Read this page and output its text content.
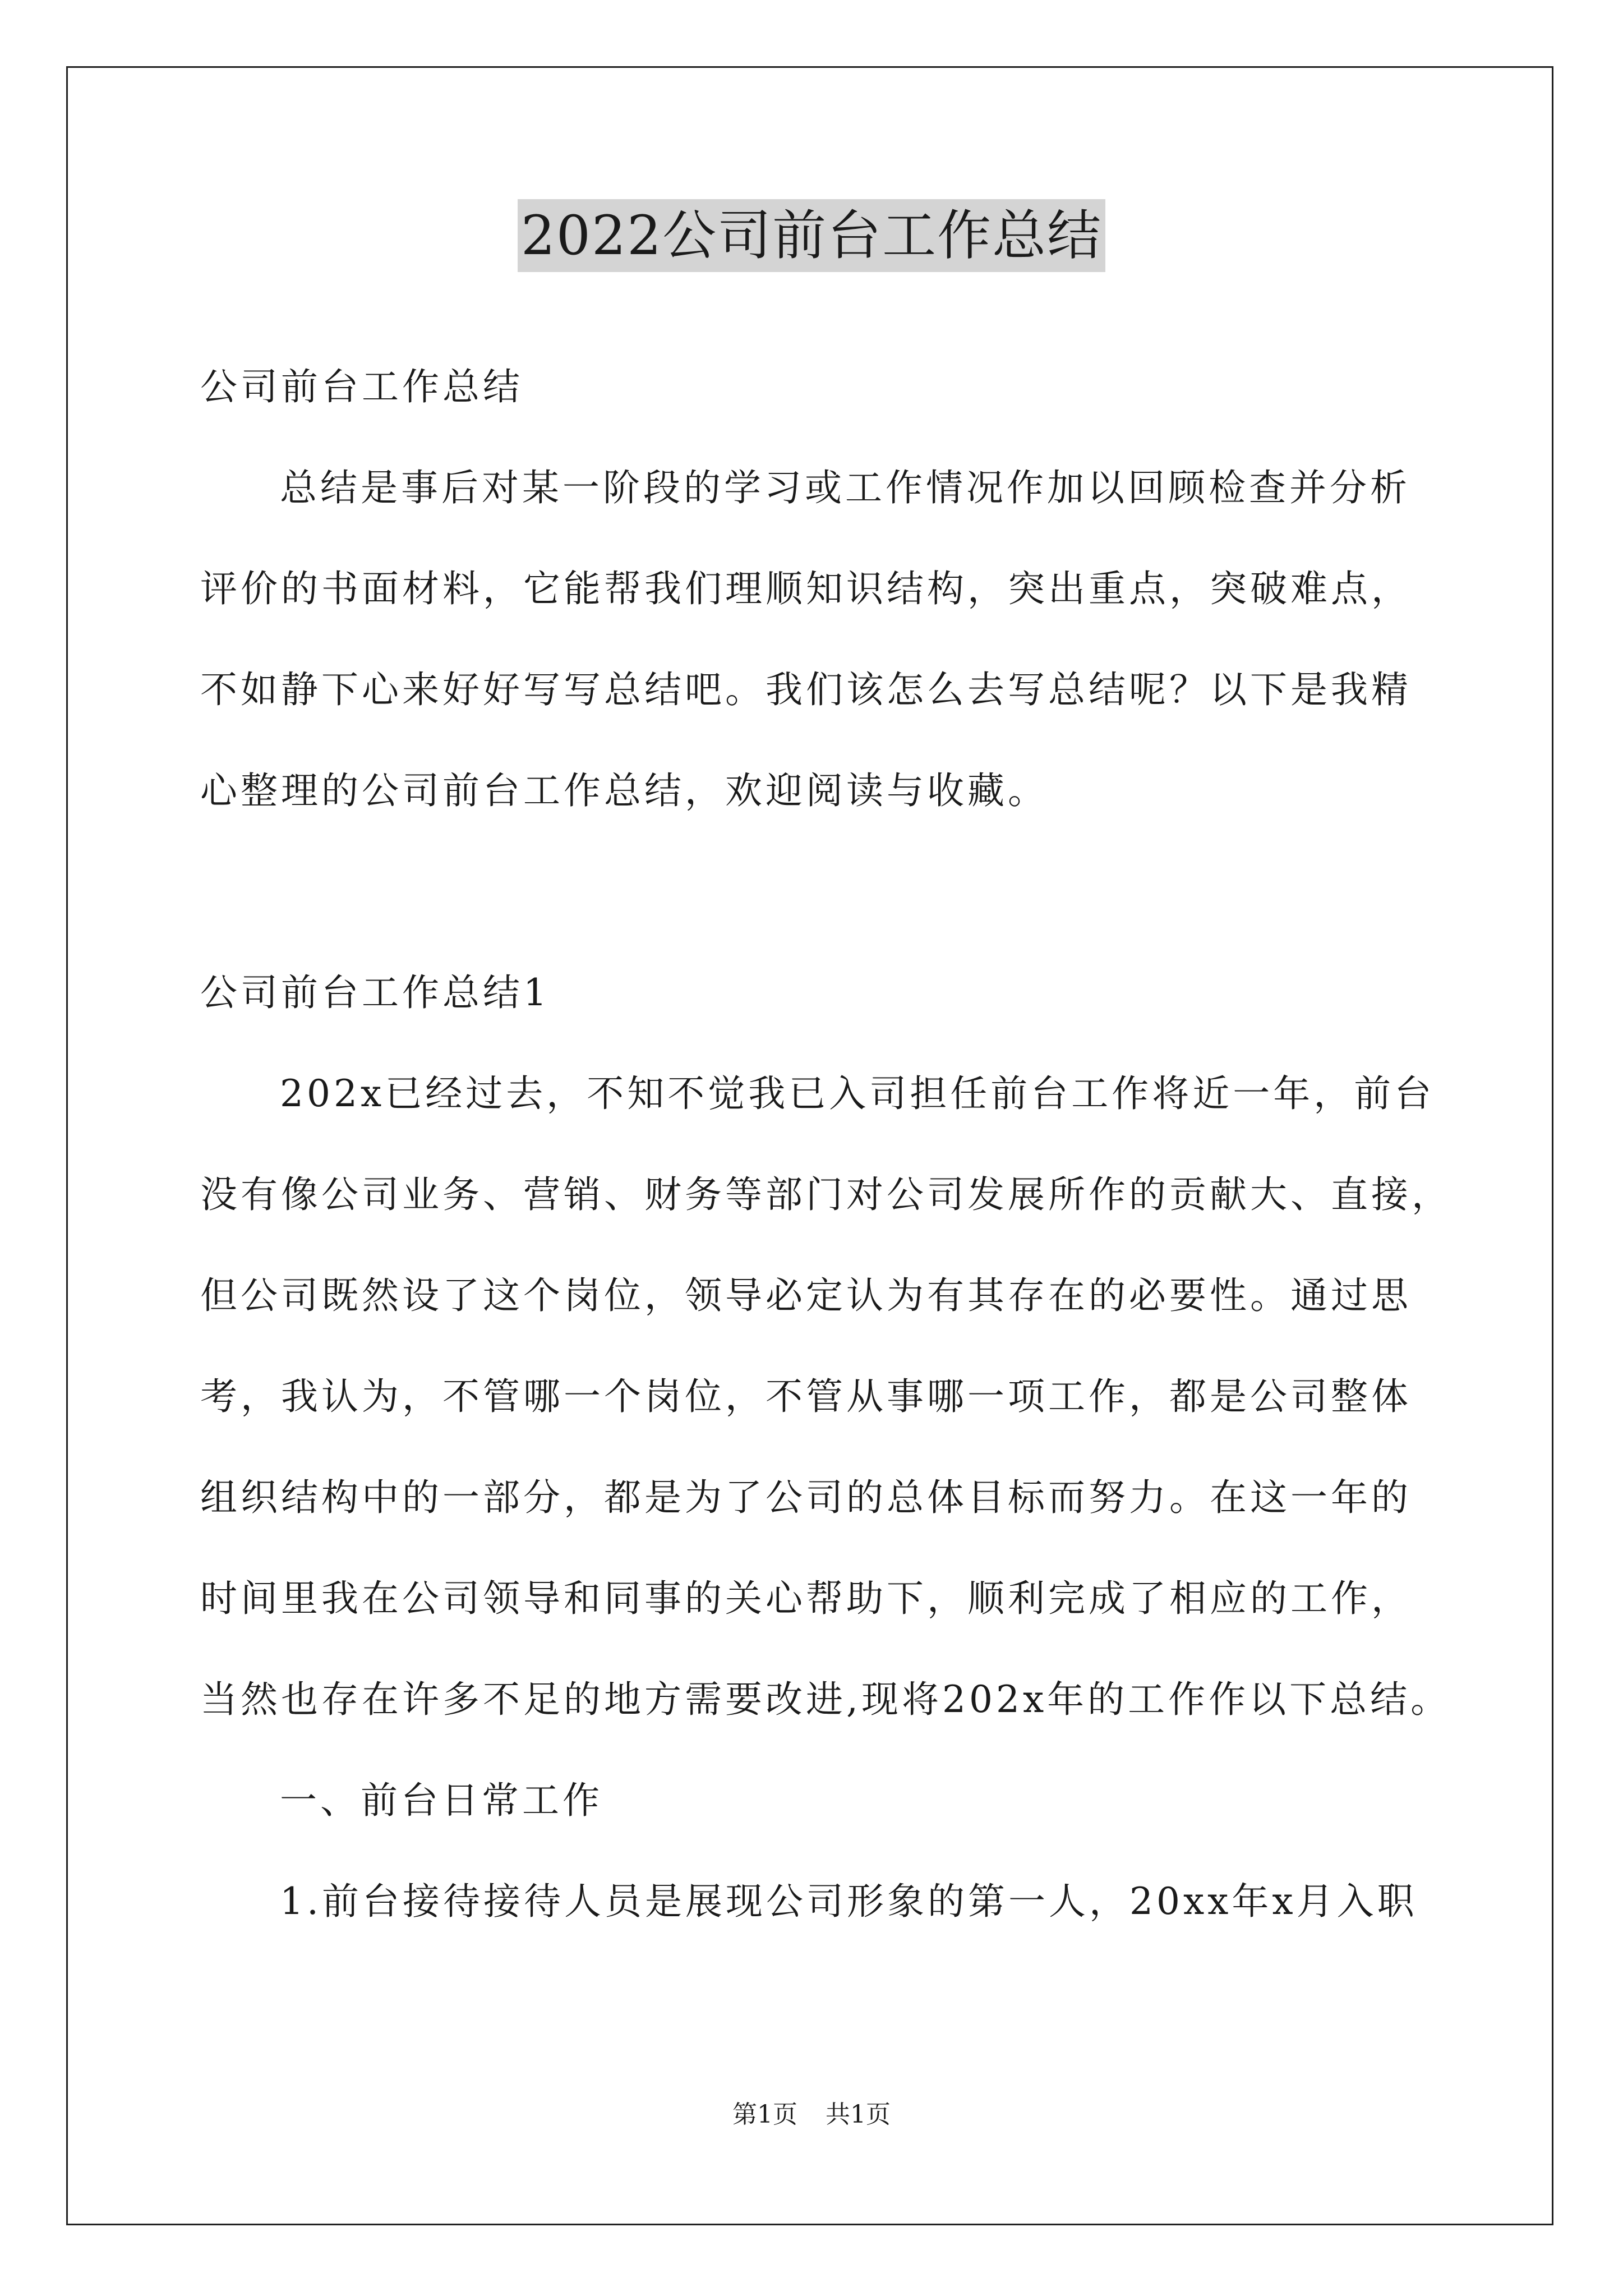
2022公司前台工作总结
公司前台工作总结
总结是事后对某一阶段的学习或工作情况作加以回顾检查并分析
评价的书面材料，它能帮我们理顺知识结构，突出重点，突破难点，
不如静下心来好好写写总结吧。我们该怎么去写总结呢？以下是我精
心整理的公司前台工作总结，欢迎阅读与收藏。
公司前台工作总结1
202x已经过去，不知不觉我已入司担任前台工作将近一年，前台
没有像公司业务、营销、财务等部门对公司发展所作的贡献大、直接，
但公司既然设了这个岗位，领导必定认为有其存在的必要性。通过思
考，我认为，不管哪一个岗位，不管从事哪一项工作，都是公司整体
组织结构中的一部分，都是为了公司的总体目标而努力。在这一年的
时间里我在公司领导和同事的关心帮助下，顺利完成了相应的工作，
当然也存在许多不足的地方需要改进,现将202x年的工作作以下总结。
一、前台日常工作
1.前台接待接待人员是展现公司形象的第一人，20xx年x月入职
第1页 共1页
